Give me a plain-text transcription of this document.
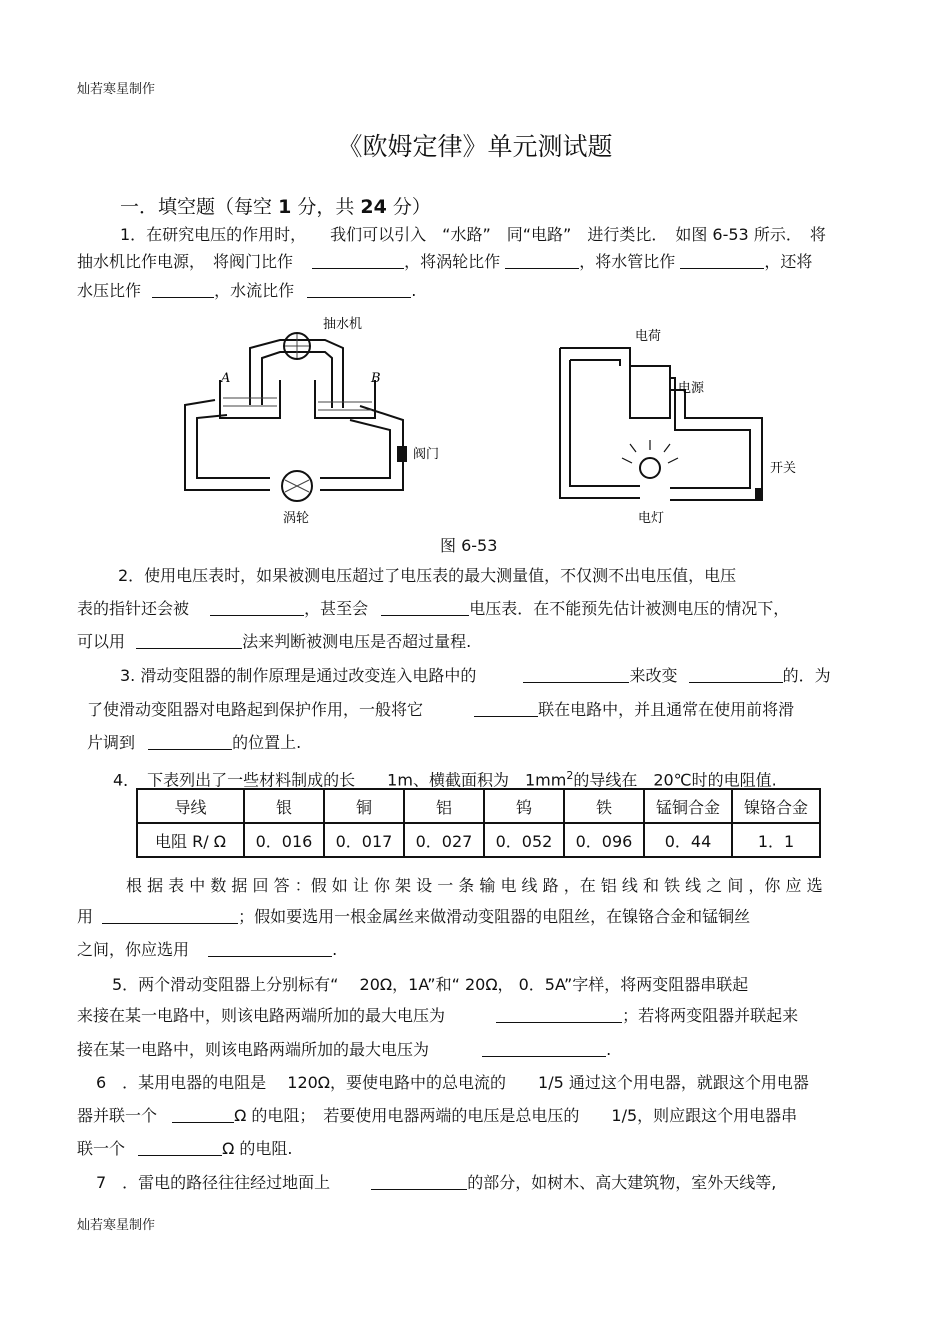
灿若寒星制作
《欧姆定律》单元测试题
一．填空题（每空 1 分，共 24 分）
1．在研究电压的作用时，　　我们可以引入　“水路”　同“电路”　进行类比．　如图 6-53 所示．　将
抽水机比作电源，　将阀门比作	，将涡轮比作	，将水管比作	，还将
水压比作	，水流比作	.
抽水机
A	B
阀门
涡轮
电荷
电源
开关
电灯
图 6-53
2．使用电压表时，如果被测电压超过了电压表的最大测量值，不仅测不出电压值，电压
表的指针还会被	，甚至会	电压表．在不能预先估计被测电压的情况下，
可以用	法来判断被测电压是否超过量程.
3. 滑动变阻器的制作原理是通过改变连入电路中的	来改变	的．为
了使滑动变阻器对电路起到保护作用，一般将它	联在电路中，并且通常在使用前将滑
片调到	的位置上.
4．　下表列出了一些材料制成的长　　1m、横截面积为　$1mm^2$的导线在　20℃时的电阻值.
导线	银	铜	铝	钨	铁	锰铜合金	镍铬合金
电阻 R/ Ω	0．016	0．017	0．027	0．052	0．096	0．44	1．1
根 据 表 中 数 据 回 答 ：假 如 让 你 架 设 一 条 输 电 线 路 ，在 铝 线 和 铁 线 之 间 ，你 应 选
用	；假如要选用一根金属丝来做滑动变阻器的电阻丝，在镍铬合金和锰铜丝
之间，你应选用	.
5．两个滑动变阻器上分别标有“　 20Ω，1A”和“ 20Ω， 0．5A”字样，将两变阻器串联起
来接在某一电路中，则该电路两端所加的最大电压为	；若将两变阻器并联起来
接在某一电路中，则该电路两端所加的最大电压为	.
6　．某用电器的电阻是　 120Ω，要使电路中的总电流的　　1/5 通过这个用电器，就跟这个用电器
器并联一个	Ω 的电阻；　若要使用电器两端的电压是总电压的　　1/5，则应跟这个用电器串
联一个	Ω 的电阻.
7　．雷电的路径往往经过地面上	的部分，如树木、高大建筑物，室外天线等,
灿若寒星制作
